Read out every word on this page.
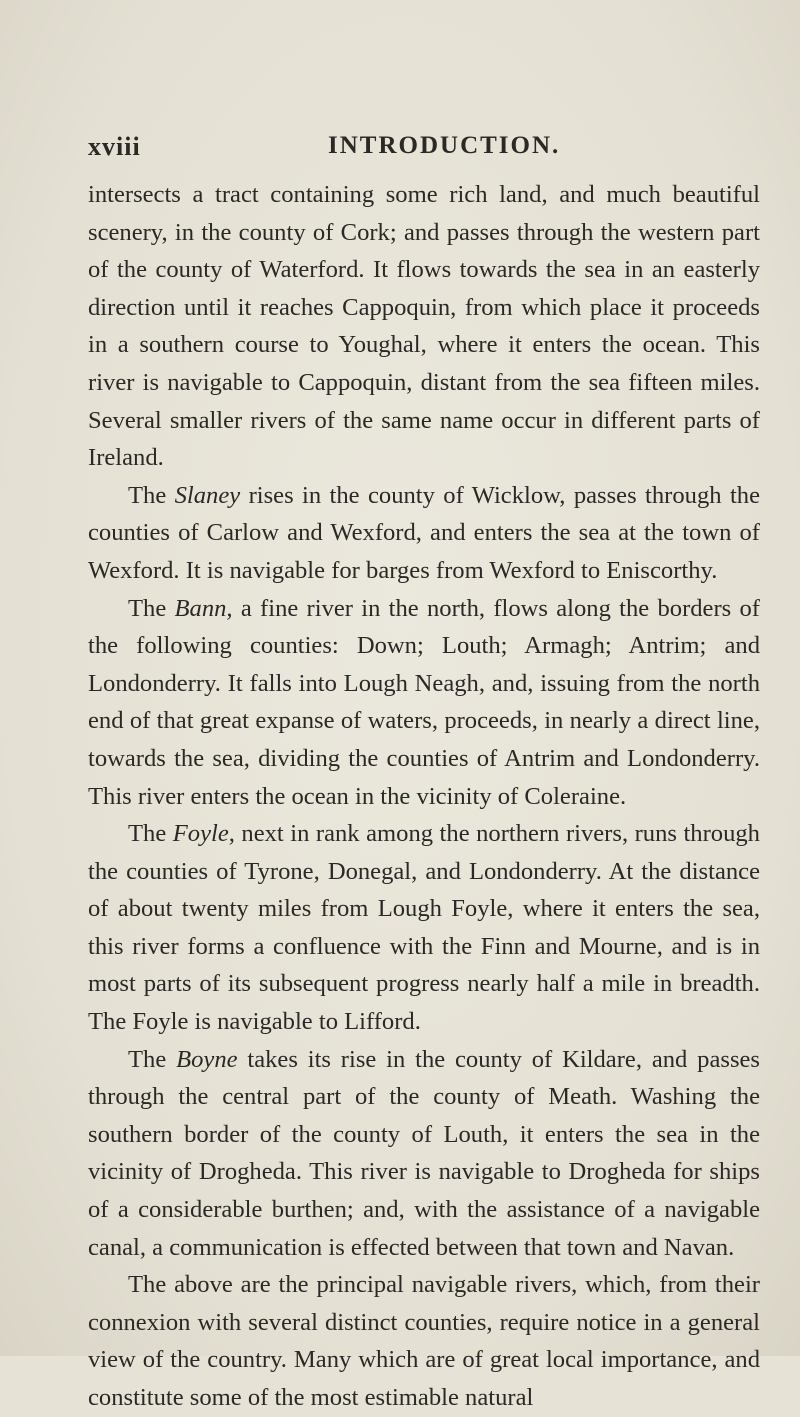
xviii	INTRODUCTION.

intersects a tract containing some rich land, and much beautiful scenery, in the county of Cork; and passes through the western part of the county of Waterford. It flows towards the sea in an easterly direction until it reaches Cappoquin, from which place it proceeds in a southern course to Youghal, where it enters the ocean. This river is navigable to Cappoquin, distant from the sea fifteen miles. Several smaller rivers of the same name occur in different parts of Ireland.

The Slaney rises in the county of Wicklow, passes through the counties of Carlow and Wexford, and enters the sea at the town of Wexford. It is navigable for barges from Wexford to Eniscorthy.

The Bann, a fine river in the north, flows along the borders of the following counties: Down; Louth; Armagh; Antrim; and Londonderry. It falls into Lough Neagh, and, issuing from the north end of that great expanse of waters, proceeds, in nearly a direct line, towards the sea, dividing the counties of Antrim and Londonderry. This river enters the ocean in the vicinity of Coleraine.

The Foyle, next in rank among the northern rivers, runs through the counties of Tyrone, Donegal, and Londonderry. At the distance of about twenty miles from Lough Foyle, where it enters the sea, this river forms a confluence with the Finn and Mourne, and is in most parts of its subsequent progress nearly half a mile in breadth. The Foyle is navigable to Lifford.

The Boyne takes its rise in the county of Kildare, and passes through the central part of the county of Meath. Washing the southern border of the county of Louth, it enters the sea in the vicinity of Drogheda. This river is navigable to Drogheda for ships of a considerable burthen; and, with the assistance of a navigable canal, a communication is effected between that town and Navan.

The above are the principal navigable rivers, which, from their connexion with several distinct counties, require notice in a general view of the country. Many which are of great local importance, and constitute some of the most estimable natural
